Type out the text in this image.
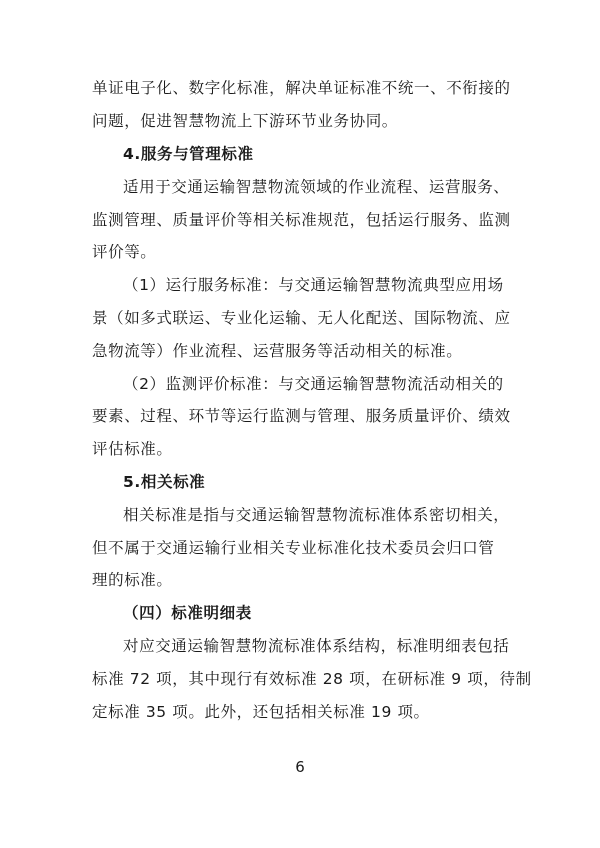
单证电子化、数字化标准，解决单证标准不统一、不衔接的
问题，促进智慧物流上下游环节业务协同。
4.服务与管理标准
适用于交通运输智慧物流领域的作业流程、运营服务、
监测管理、质量评价等相关标准规范，包括运行服务、监测
评价等。
（1）运行服务标准：与交通运输智慧物流典型应用场
景（如多式联运、专业化运输、无人化配送、国际物流、应
急物流等）作业流程、运营服务等活动相关的标准。
（2）监测评价标准：与交通运输智慧物流活动相关的
要素、过程、环节等运行监测与管理、服务质量评价、绩效
评估标准。
5.相关标准
相关标准是指与交通运输智慧物流标准体系密切相关，
但不属于交通运输行业相关专业标准化技术委员会归口管
理的标准。
（四）标准明细表
对应交通运输智慧物流标准体系结构，标准明细表包括
标准 72 项，其中现行有效标准 28 项，在研标准 9 项，待制
定标准 35 项。此外，还包括相关标准 19 项。
6
